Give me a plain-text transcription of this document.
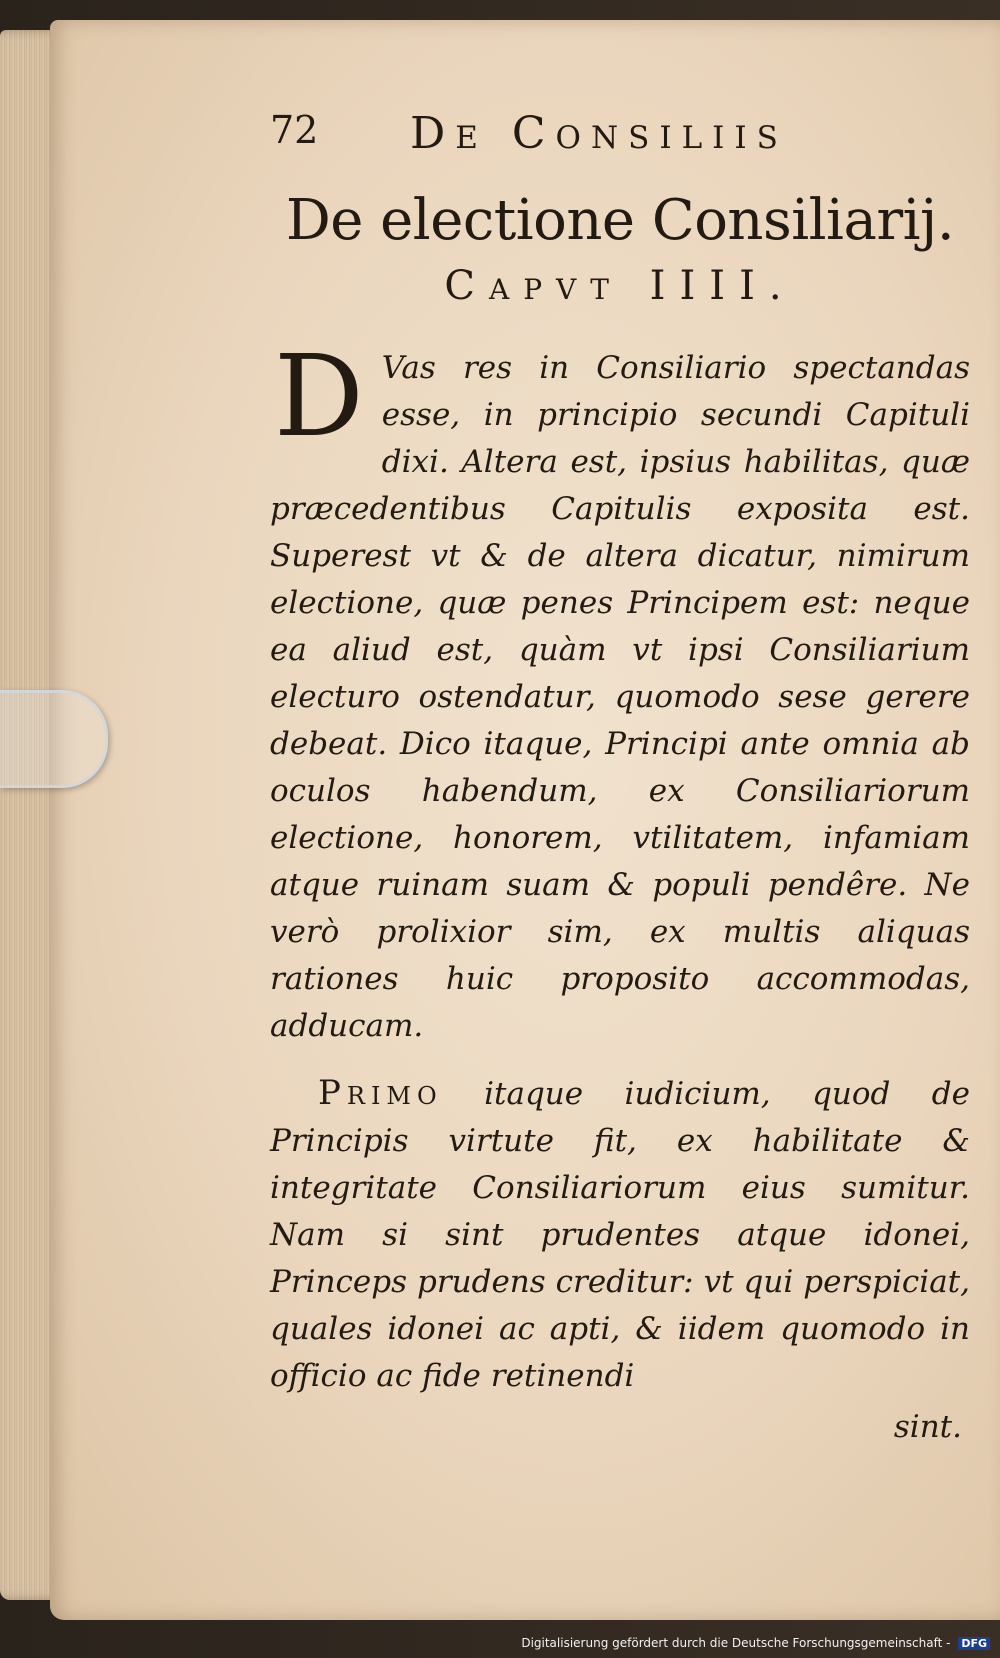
72 De Consiliis
De electione Consiliarij.
Capvt IIII.
D Vas res in Consiliario spectandas esse, in principio secundi Capituli dixi. Altera est, ipsius habilitas, quæ præcedentibus Capitulis exposita est. Superest vt & de altera dicatur, nimirum electione, quæ penes Principem est: neque ea aliud est, quàm vt ipsi Consiliarium electuro ostendatur, quomodo sese gerere debeat. Dico itaque, Principi ante omnia ab oculos habendum, ex Consiliariorum electione, honorem, vtilitatem, infamiam atque ruinam suam & populi pendêre. Ne verò prolixior sim, ex multis aliquas rationes huic proposito accommodas, adducam.
Primo itaque iudicium, quod de Principis virtute fit, ex habilitate & integritate Consiliariorum eius sumitur. Nam si sint prudentes atque idonei, Princeps prudens creditur: vt qui perspiciat, quales idonei ac apti, & iidem quomodo in officio ac fide retinendi
sint.
Digitalisierung gefördert durch die Deutsche Forschungsgemeinschaft - DFG
